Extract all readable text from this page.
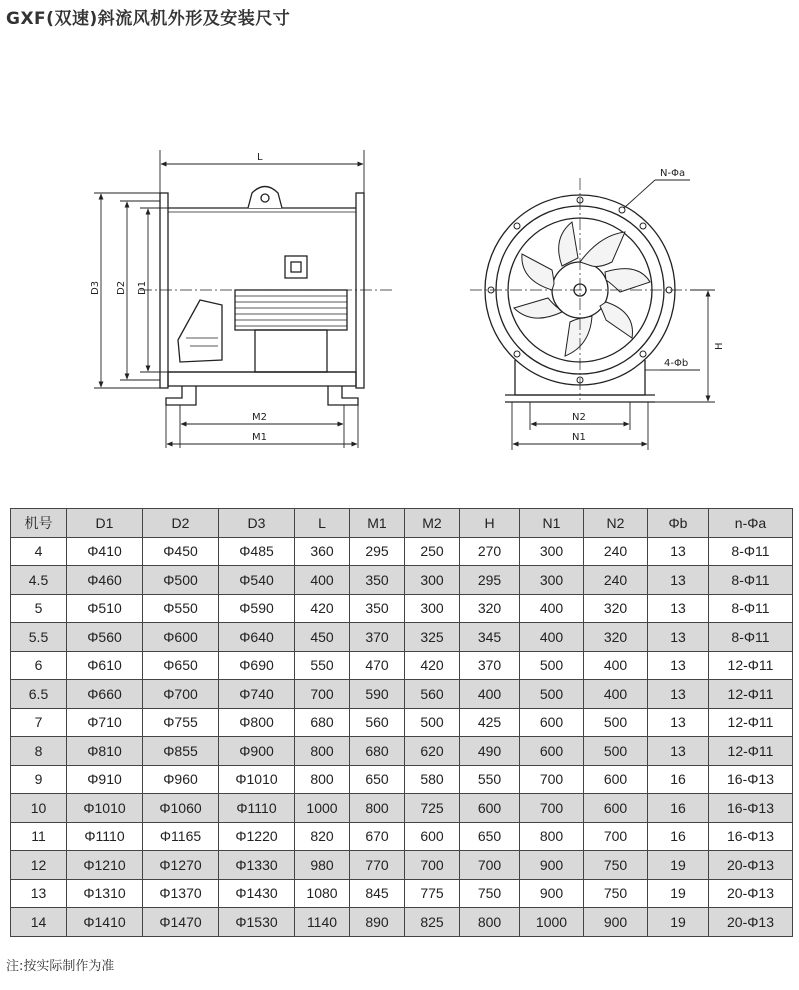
GXF(双速)斜流风机外形及安装尺寸
L
D3 D2 D1
M2
M1
N-Φa
4-Φb
H
N2
N1
机号	D1	D2	D3	L	M1	M2	H	N1	N2	Φb	n-Φa
4	Φ410	Φ450	Φ485	360	295	250	270	300	240	13	8-Φ11
4.5	Φ460	Φ500	Φ540	400	350	300	295	300	240	13	8-Φ11
5	Φ510	Φ550	Φ590	420	350	300	320	400	320	13	8-Φ11
5.5	Φ560	Φ600	Φ640	450	370	325	345	400	320	13	8-Φ11
6	Φ610	Φ650	Φ690	550	470	420	370	500	400	13	12-Φ11
6.5	Φ660	Φ700	Φ740	700	590	560	400	500	400	13	12-Φ11
7	Φ710	Φ755	Φ800	680	560	500	425	600	500	13	12-Φ11
8	Φ810	Φ855	Φ900	800	680	620	490	600	500	13	12-Φ11
9	Φ910	Φ960	Φ1010	800	650	580	550	700	600	16	16-Φ13
10	Φ1010	Φ1060	Φ1110	1000	800	725	600	700	600	16	16-Φ13
11	Φ1110	Φ1165	Φ1220	820	670	600	650	800	700	16	16-Φ13
12	Φ1210	Φ1270	Φ1330	980	770	700	700	900	750	19	20-Φ13
13	Φ1310	Φ1370	Φ1430	1080	845	775	750	900	750	19	20-Φ13
14	Φ1410	Φ1470	Φ1530	1140	890	825	800	1000	900	19	20-Φ13
注:按实际制作为准
